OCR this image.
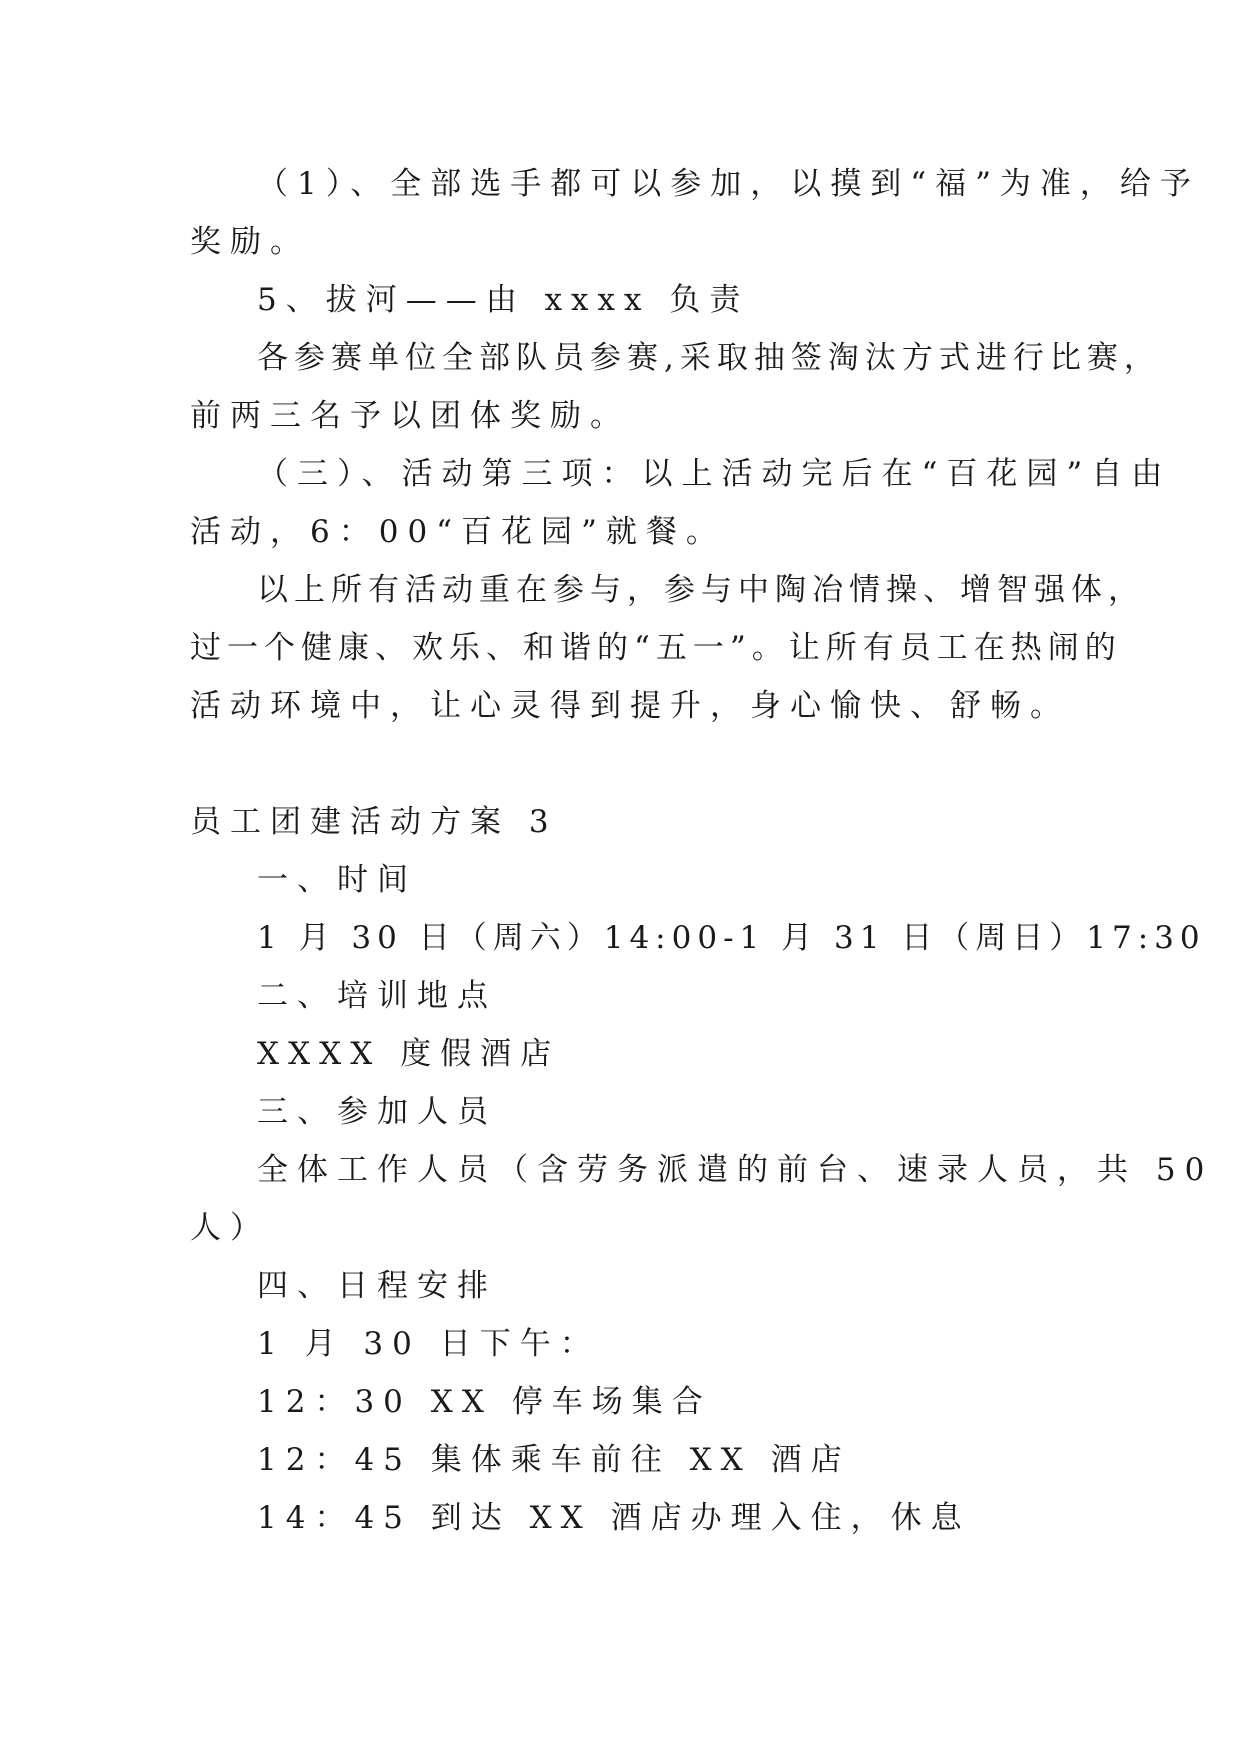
（1）、全部选手都可以参加，以摸到“福”为准，给予
奖励。
5、拔河——由 xxxx 负责
各参赛单位全部队员参赛,采取抽签淘汰方式进行比赛，
前两三名予以团体奖励。
（三）、活动第三项：以上活动完后在“百花园”自由
活动，6：00“百花园”就餐。
以上所有活动重在参与，参与中陶冶情操、增智强体，
过一个健康、欢乐、和谐的“五一”。让所有员工在热闹的
活动环境中，让心灵得到提升，身心愉快、舒畅。
员工团建活动方案 3
一、时间
1 月 30 日（周六）14:00-1 月 31 日（周日）17:30
二、培训地点
XXXX 度假酒店
三、参加人员
全体工作人员（含劳务派遣的前台、速录人员，共 50
人）
四、日程安排
1 月 30 日下午：
12：30 XX 停车场集合
12：45 集体乘车前往 XX 酒店
14：45 到达 XX 酒店办理入住，休息
